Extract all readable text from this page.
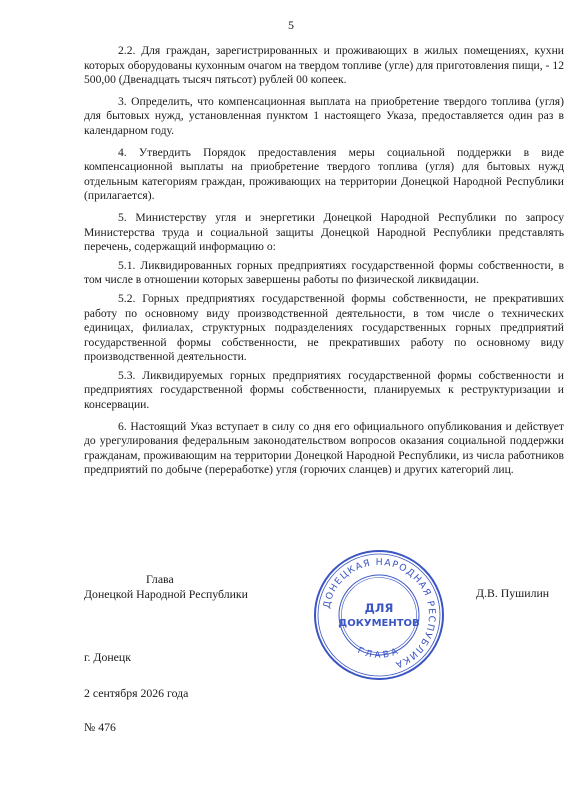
5

2.2. Для граждан, зарегистрированных и проживающих в жилых помещениях, кухни которых оборудованы кухонным очагом на твердом топливе (угле) для приготовления пищи, - 12 500,00 (Двенадцать тысяч пятьсот) рублей 00 копеек.

3. Определить, что компенсационная выплата на приобретение твердого топлива (угля) для бытовых нужд, установленная пунктом 1 настоящего Указа, предоставляется один раз в календарном году.

4. Утвердить Порядок предоставления меры социальной поддержки в виде компенсационной выплаты на приобретение твердого топлива (угля) для бытовых нужд отдельным категориям граждан, проживающих на территории Донецкой Народной Республики (прилагается).

5. Министерству угля и энергетики Донецкой Народной Республики по запросу Министерства труда и социальной защиты Донецкой Народной Республики представлять перечень, содержащий информацию о:

5.1. Ликвидированных горных предприятиях государственной формы собственности, в том числе в отношении которых завершены работы по физической ликвидации.

5.2. Горных предприятиях государственной формы собственности, не прекративших работу по основному виду производственной деятельности, в том числе о технических единицах, филиалах, структурных подразделениях государственных горных предприятий государственной формы собственности, не прекративших работу по основному виду производственной деятельности.

5.3. Ликвидируемых горных предприятиях государственной формы собственности и предприятиях государственной формы собственности, планируемых к реструктуризации и консервации.

6. Настоящий Указ вступает в силу со дня его официального опубликования и действует до урегулирования федеральным законодательством вопросов оказания социальной поддержки гражданам, проживающим на территории Донецкой Народной Республики, из числа работников предприятий по добыче (переработке) угля (горючих сланцев) и других категорий лиц.

Глава
Донецкой Народной Республики
ДОНЕЦКАЯ НАРОДНАЯ РЕСПУБЛИКА
ГЛАВА
ДЛЯ
ДОКУМЕНТОВ
Д.В. Пушилин
г. Донецк
2 сентября 2026 года
№ 476
